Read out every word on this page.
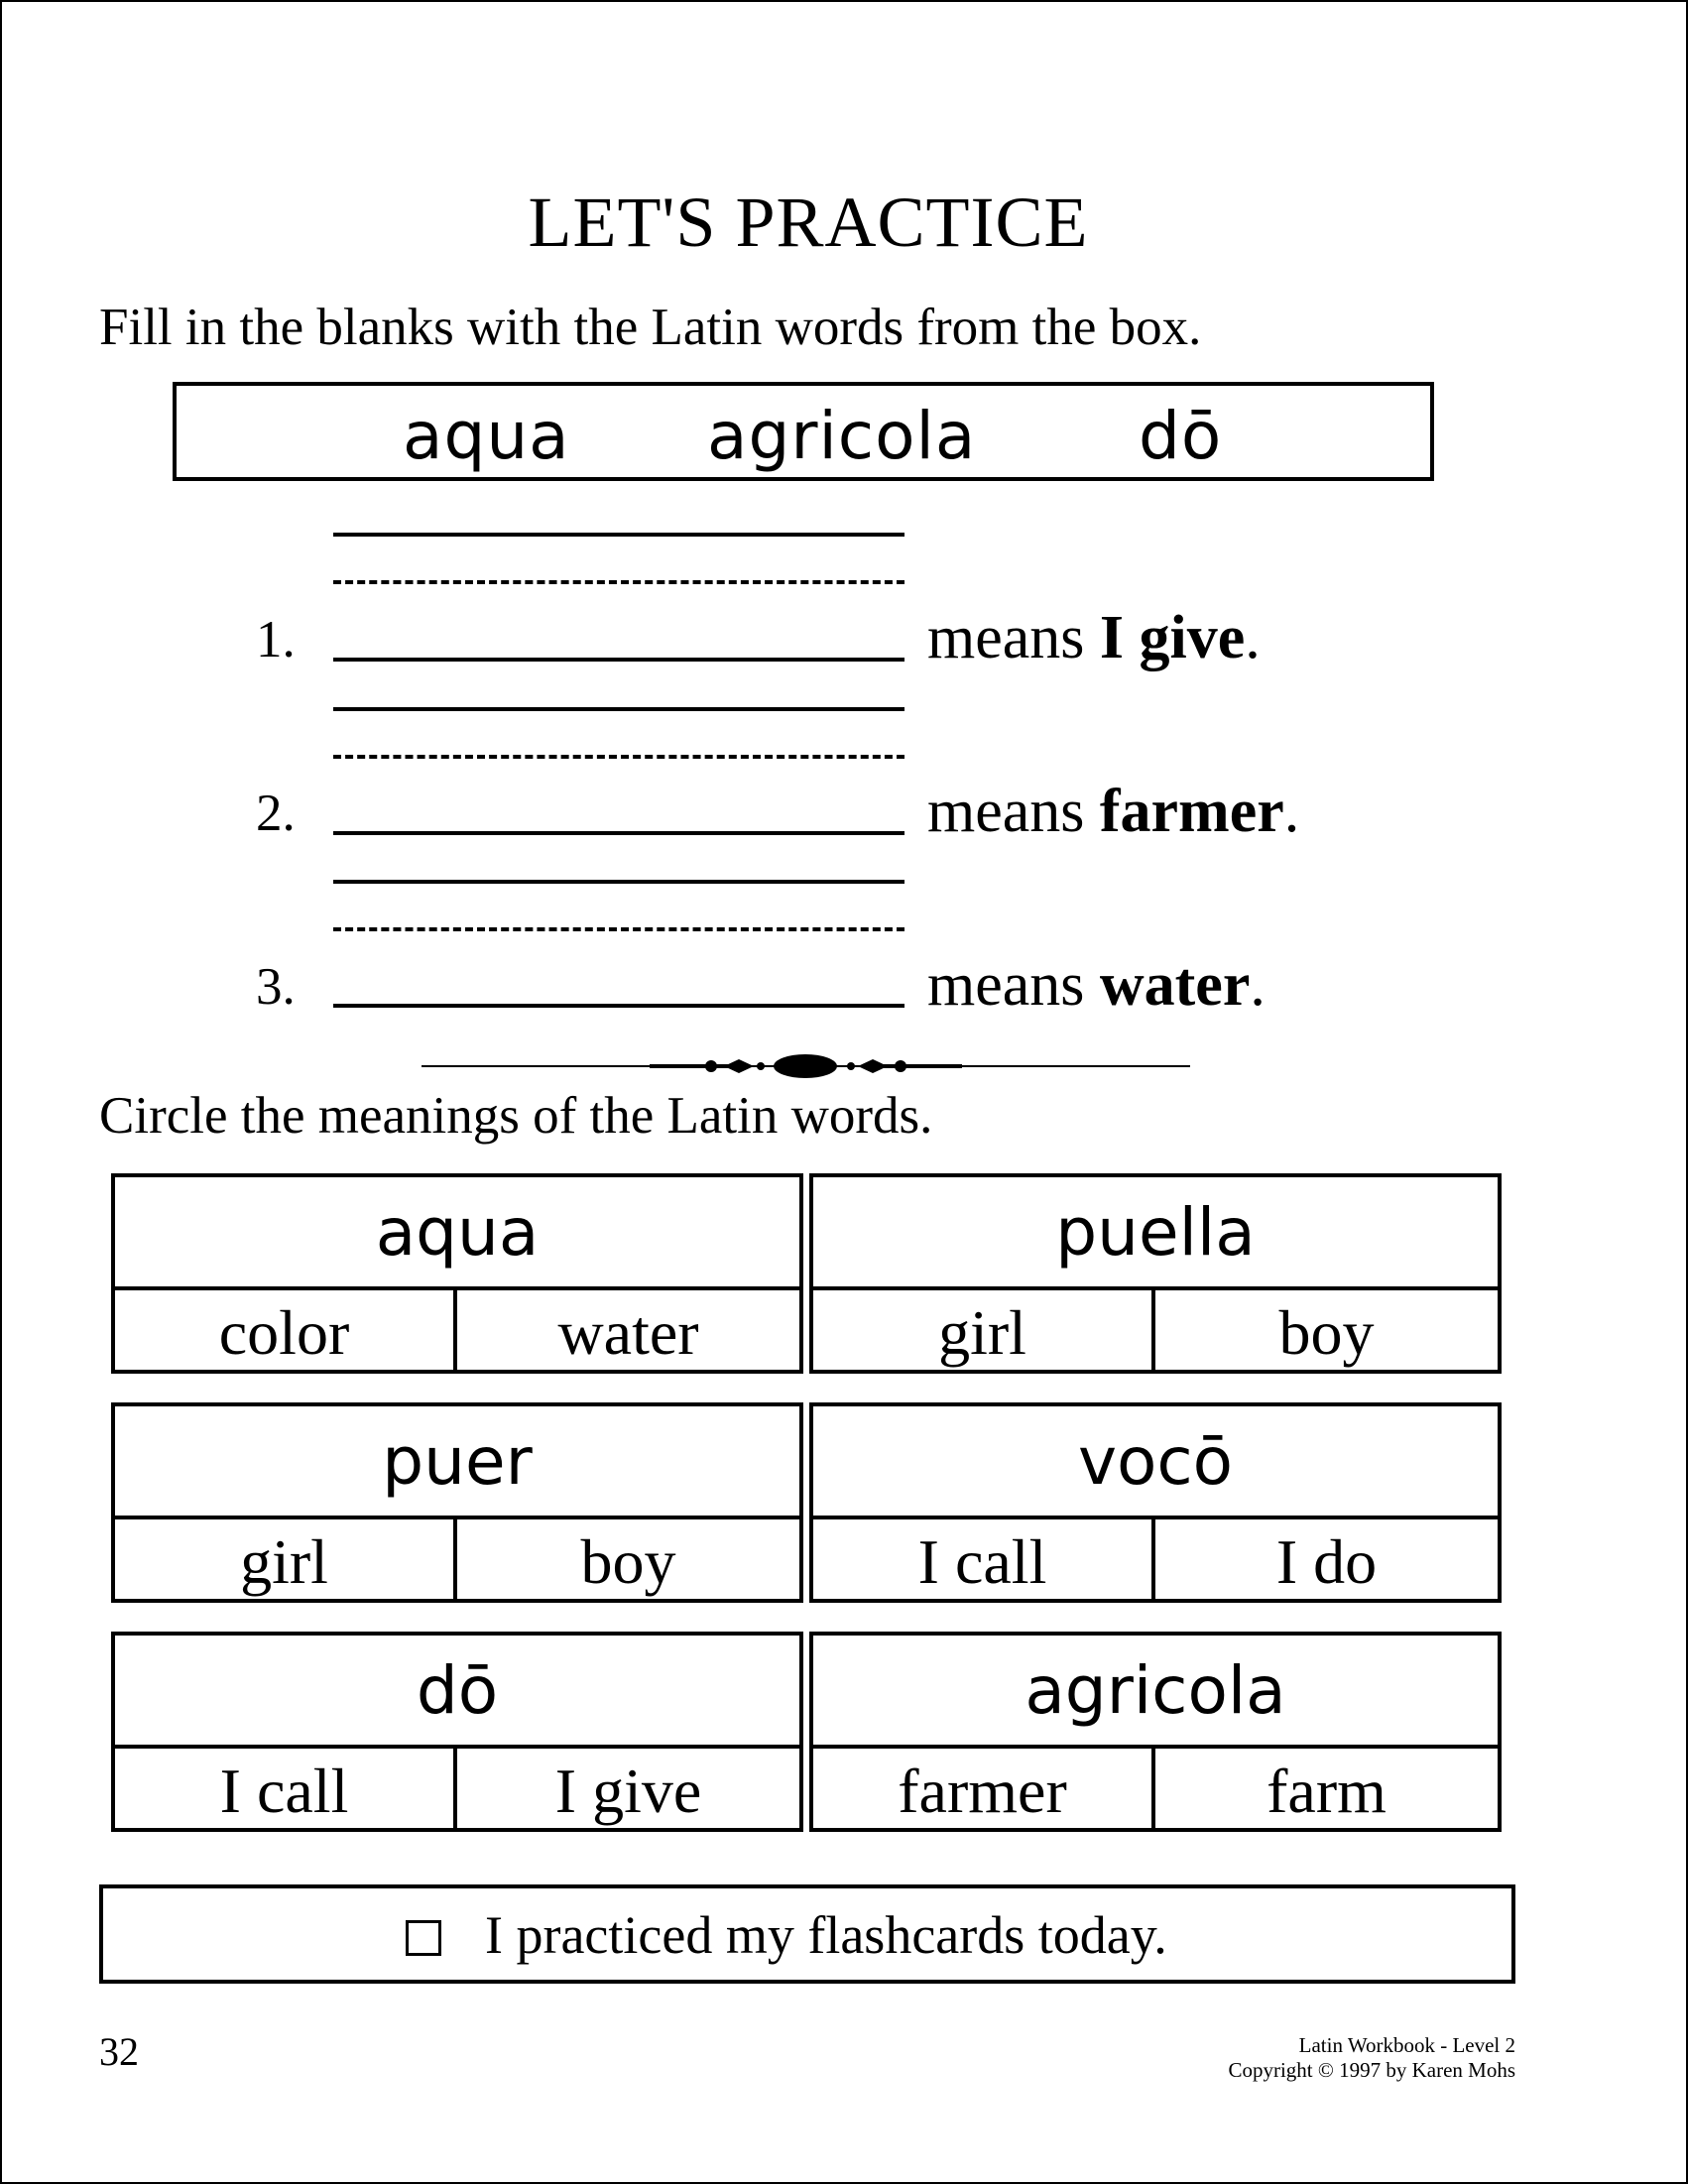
LET'S PRACTICE
Fill in the blanks with the Latin words from the box.
aqua agricola dō
1.	means I give.
2.	means farmer.
3.	means water.
Circle the meanings of the Latin words.
aqua
color	water
puella
girl	boy
puer
girl	boy
vocō
I call	I do
dō
I call	I give
agricola
farmer	farm
I practiced my flashcards today.
32	Latin Workbook - Level 2
Copyright © 1997 by Karen Mohs
